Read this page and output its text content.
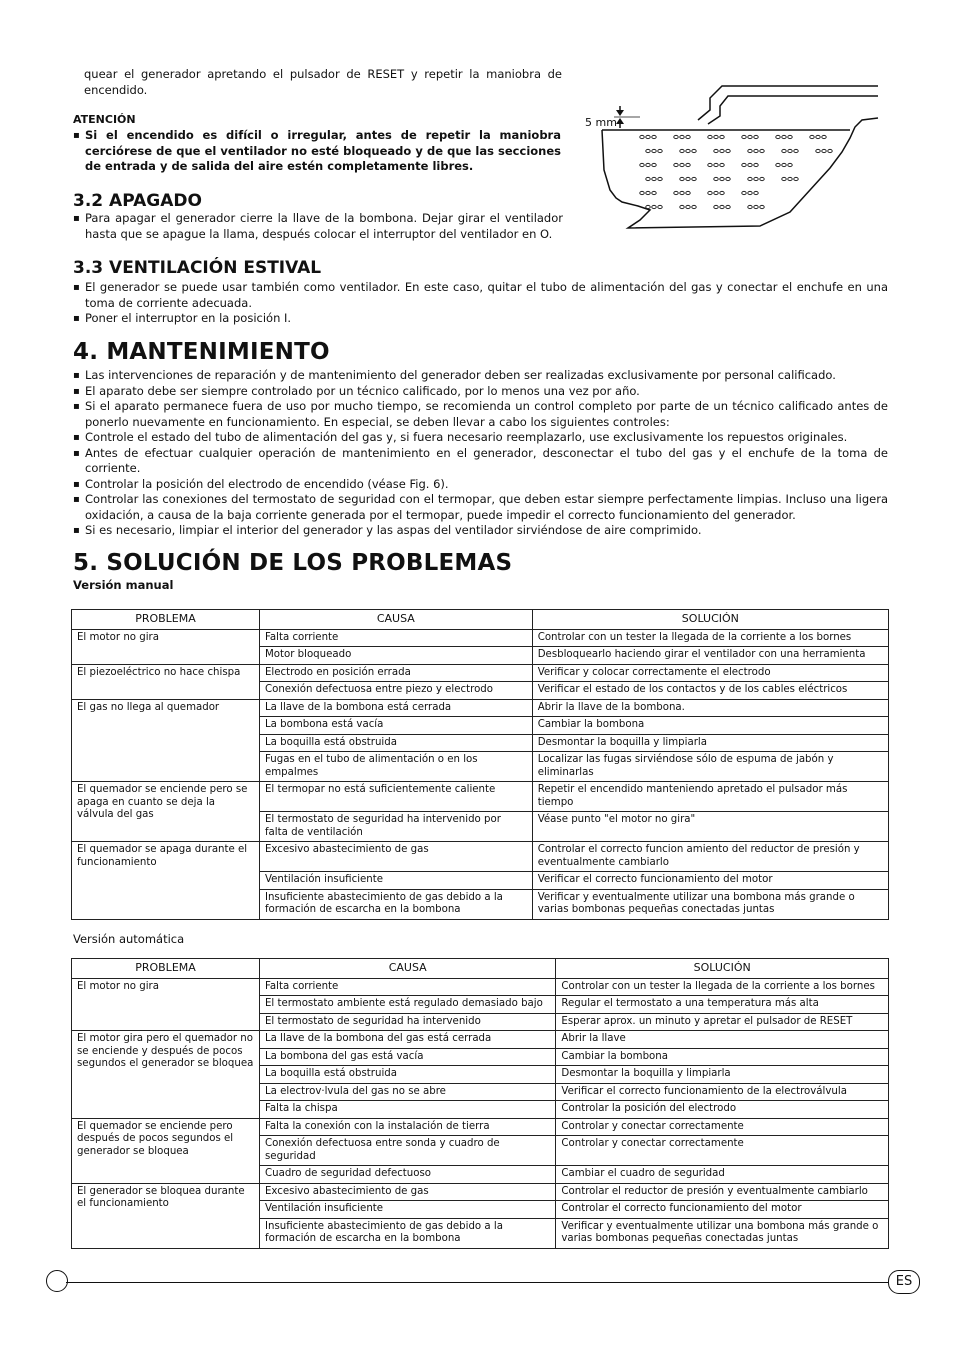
quear el generador apretando el pulsador de RESET y repetir la maniobra de encendido.
ATENCIÓN
▪ Si el encendido es difícil o irregular, antes de repetir la maniobra cerciórese de que el ventilador no esté bloqueado y de que las secciones de entrada y de salida del aire estén completamente libres.
5 mm
3.2 APAGADO
▪ Para apagar el generador cierre la llave de la bombona. Dejar girar el ventilador hasta que se apague la llama, después colocar el interruptor del ventilador en O.
3.3 VENTILACIÓN ESTIVAL
▪ El generador se puede usar también como ventilador. En este caso, quitar el tubo de alimentación del gas y conectar el enchufe en una toma de corriente adecuada.
▪ Poner el interruptor en la posición I.
4. MANTENIMIENTO
▪ Las intervenciones de reparación y de mantenimiento del generador deben ser realizadas exclusivamente por personal calificado.
▪ El aparato debe ser siempre controlado por un técnico calificado, por lo menos una vez por año.
▪ Si el aparato permanece fuera de uso por mucho tiempo, se recomienda un control completo por parte de un técnico calificado antes de ponerlo nuevamente en funcionamiento. En especial, se deben llevar a cabo los siguientes controles:
▪ Controle el estado del tubo de alimentación del gas y, si fuera necesario reemplazarlo, use exclusivamente los repuestos originales.
▪ Antes de efectuar cualquier operación de mantenimiento en el generador, desconectar el tubo del gas y el enchufe de la toma de corriente.
▪ Controlar la posición del electrodo de encendido (véase Fig. 6).
▪ Controlar las conexiones del termostato de seguridad con el termopar, que deben estar siempre perfectamente limpias. Incluso una ligera oxidación, a causa de la baja corriente generada por el termopar, puede impedir el correcto funcionamiento del generador.
▪ Si es necesario, limpiar el interior del generador y las aspas del ventilador sirviéndose de aire comprimido.
5. SOLUCIÓN DE LOS PROBLEMAS
Versión manual
PROBLEMA	CAUSA	SOLUCIÓN
El motor no gira	Falta corriente	Controlar con un tester la llegada de la corriente a los bornes
	Motor bloqueado	Desbloquearlo haciendo girar el ventilador con una herramienta
El piezoeléctrico no hace chispa	Electrodo en posición errada	Verificar y colocar correctamente el electrodo
	Conexión defectuosa entre piezo y electrodo	Verificar el estado de los contactos y de los cables eléctricos
El gas no llega al quemador	La llave de la bombona está cerrada	Abrir la llave de la bombona.
	La bombona está vacía	Cambiar la bombona
	La boquilla está obstruida	Desmontar la boquilla y limpiarla
	Fugas en el tubo de alimentación o en los empalmes	Localizar las fugas sirviéndose sólo de espuma de jabón y eliminarlas
El quemador se enciende pero se apaga en cuanto se deja la válvula del gas	El termopar no está suficientemente caliente	Repetir el encendido manteniendo apretado el pulsador más tiempo
	El termostato de seguridad ha intervenido por falta de ventilación	Véase punto "el motor no gira"
El quemador se apaga durante el funcionamiento	Excesivo abastecimiento de gas	Controlar el correcto funcion amiento del reductor de presión y eventualmente cambiarlo
	Ventilación insuficiente	Verificar el correcto funcionamiento del motor
	Insuficiente abastecimiento de gas debido a la formación de escarcha en la bombona	Verificar y eventualmente utilizar una bombona más grande o varias bombonas pequeñas conectadas juntas
Versión automática
PROBLEMA	CAUSA	SOLUCIÓN
El motor no gira	Falta corriente	Controlar con un tester la llegada de la corriente a los bornes
	El termostato ambiente está regulado demasiado bajo	Regular el termostato a una temperatura más alta
	El termostato de seguridad ha intervenido	Esperar aprox. un minuto y apretar el pulsador de RESET
El motor gira pero el quemador no se enciende y después de pocos segundos el generador se bloquea	La llave de la bombona del gas está cerrada	Abrir la llave
	La bombona del gas está vacía	Cambiar la bombona
	La boquilla está obstruida	Desmontar la boquilla y limpiarla
	La electrov·lvula del gas no se abre	Verificar el correcto funcionamiento de la electroválvula
	Falta la chispa	Controlar la posición del electrodo
El quemador se enciende pero después de pocos segundos el generador se bloquea	Falta la conexión con la instalación de tierra	Controlar y conectar correctamente
	Conexión defectuosa entre sonda y cuadro de seguridad	Controlar y conectar correctamente
	Cuadro de seguridad defectuoso	Cambiar el cuadro de seguridad
El generador se bloquea durante el funcionamiento	Excesivo abastecimiento de gas	Controlar el reductor de presión y eventualmente cambiarlo
	Ventilación insuficiente	Controlar el correcto funcionamiento del motor
	Insuficiente abastecimiento de gas debido a la formación de escarcha en la bombona	Verificar y eventualmente utilizar una bombona más grande o varias bombonas pequeñas conectadas juntas
ES
